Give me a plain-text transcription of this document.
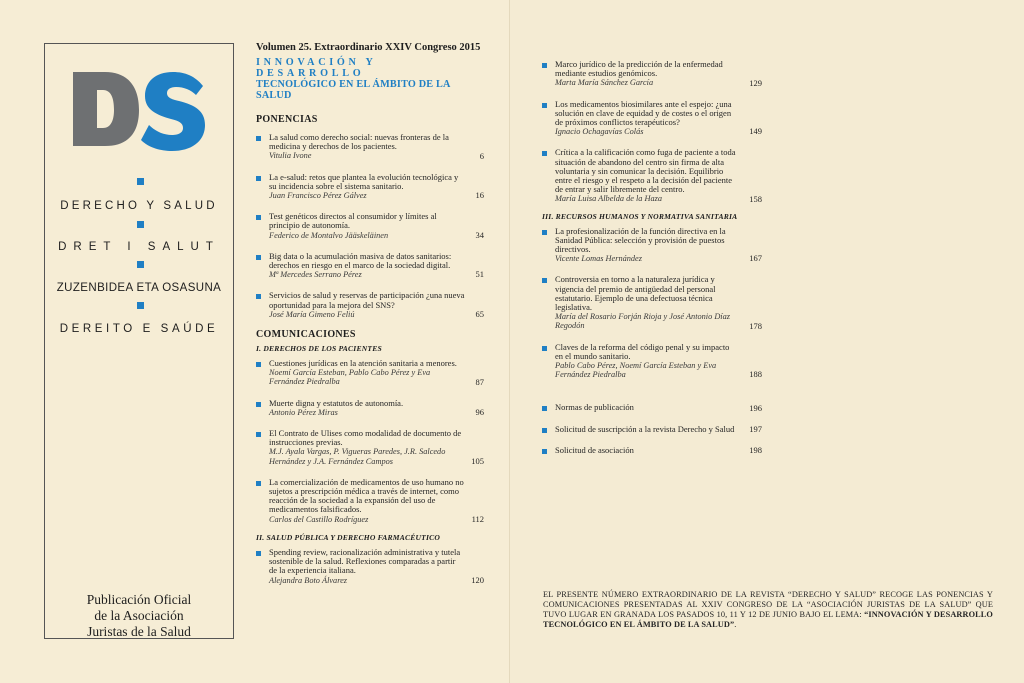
DERECHO Y SALUD
DRET I SALUT
ZUZENBIDEA ETA OSASUNA
DEREITO E SAÚDE
Publicación Oficial
de la Asociación
Juristas de la Salud

Volumen 25. Extraordinario XXIV Congreso 2015

INNOVACIÓN Y DESARROLLO
TECNOLÓGICO EN EL ÁMBITO DE LA SALUD

PONENCIAS

La salud como derecho social: nuevas fronteras de la medicina y derechos de los pacientes.
Vitulia Ivone	6
La e-salud: retos que plantea la evolución tecnológica y su incidencia sobre el sistema sanitario.
Juan Francisco Pérez Gálvez	16
Test genéticos directos al consumidor y límites al principio de autonomía.
Federico de Montalvo Jääskeläinen	34
Big data o la acumulación masiva de datos sanitarios: derechos en riesgo en el marco de la sociedad digital.
Mª Mercedes Serrano Pérez	51
Servicios de salud y reservas de participación ¿una nueva oportunidad para la mejora del SNS?
José María Gimeno Feliú	65

COMUNICACIONES

I. DERECHOS DE LOS PACIENTES

Cuestiones jurídicas en la atención sanitaria a menores.
Noemí García Esteban, Pablo Cabo Pérez y Eva Fernández Piedralba	87
Muerte digna y estatutos de autonomía.
Antonio Pérez Miras	96
El Contrato de Ulises como modalidad de documento de instrucciones previas.
M.J. Ayala Vargas, P. Vigueras Paredes, J.R. Salcedo Hernández y J.A. Fernández Campos	105
La comercialización de medicamentos de uso humano no sujetos a prescripción médica a través de internet, como reacción de la sociedad a la expansión del uso de medicamentos falsificados.
Carlos del Castillo Rodríguez	112

II. SALUD PÚBLICA Y DERECHO FARMACÉUTICO

Spending review, racionalización administrativa y tutela sostenible de la salud. Reflexiones comparadas a partir de la experiencia italiana.
Alejandra Boto Álvarez	120
Marco jurídico de la predicción de la enfermedad mediante estudios genómicos.
Marta María Sánchez García	129
Los medicamentos biosimilares ante el espejo: ¿una solución en clave de equidad y de costes o el origen de próximos conflictos terapéuticos?
Ignacio Ochagavías Colás	149
Crítica a la calificación como fuga de paciente a toda situación de abandono del centro sin firma de alta voluntaria y sin comunicar la decisión. Equilibrio entre el riesgo y el respeto a la decisión del paciente de entrar y salir libremente del centro.
María Luisa Albelda de la Haza	158

III. RECURSOS HUMANOS Y NORMATIVA SANITARIA

La profesionalización de la función directiva en la Sanidad Pública: selección y provisión de puestos directivos.
Vicente Lomas Hernández	167
Controversia en torno a la naturaleza jurídica y vigencia del premio de antigüedad del personal estatutario. Ejemplo de una defectuosa técnica legislativa.
María del Rosario Forján Rioja y José Antonio Díaz Regodón	178
Claves de la reforma del código penal y su impacto en el mundo sanitario.
Pablo Cabo Pérez, Noemí García Esteban y Eva Fernández Piedralba	188
Normas de publicación	196
Solicitud de suscripción a la revista Derecho y Salud	197
Solicitud de asociación	198
EL PRESENTE NÚMERO EXTRAORDINARIO DE LA REVISTA “DERECHO Y SALUD” RECOGE LAS PONENCIAS Y COMUNICACIONES PRESENTADAS AL XXIV CONGRESO DE LA “ASOCIACIÓN JURISTAS DE LA SALUD” QUE TUVO LUGAR EN GRANADA LOS PASADOS 10, 11 Y 12 DE JUNIO BAJO EL LEMA: “INNOVACIÓN Y DESARROLLO TECNOLÓGICO EN EL ÁMBITO DE LA SALUD”.
